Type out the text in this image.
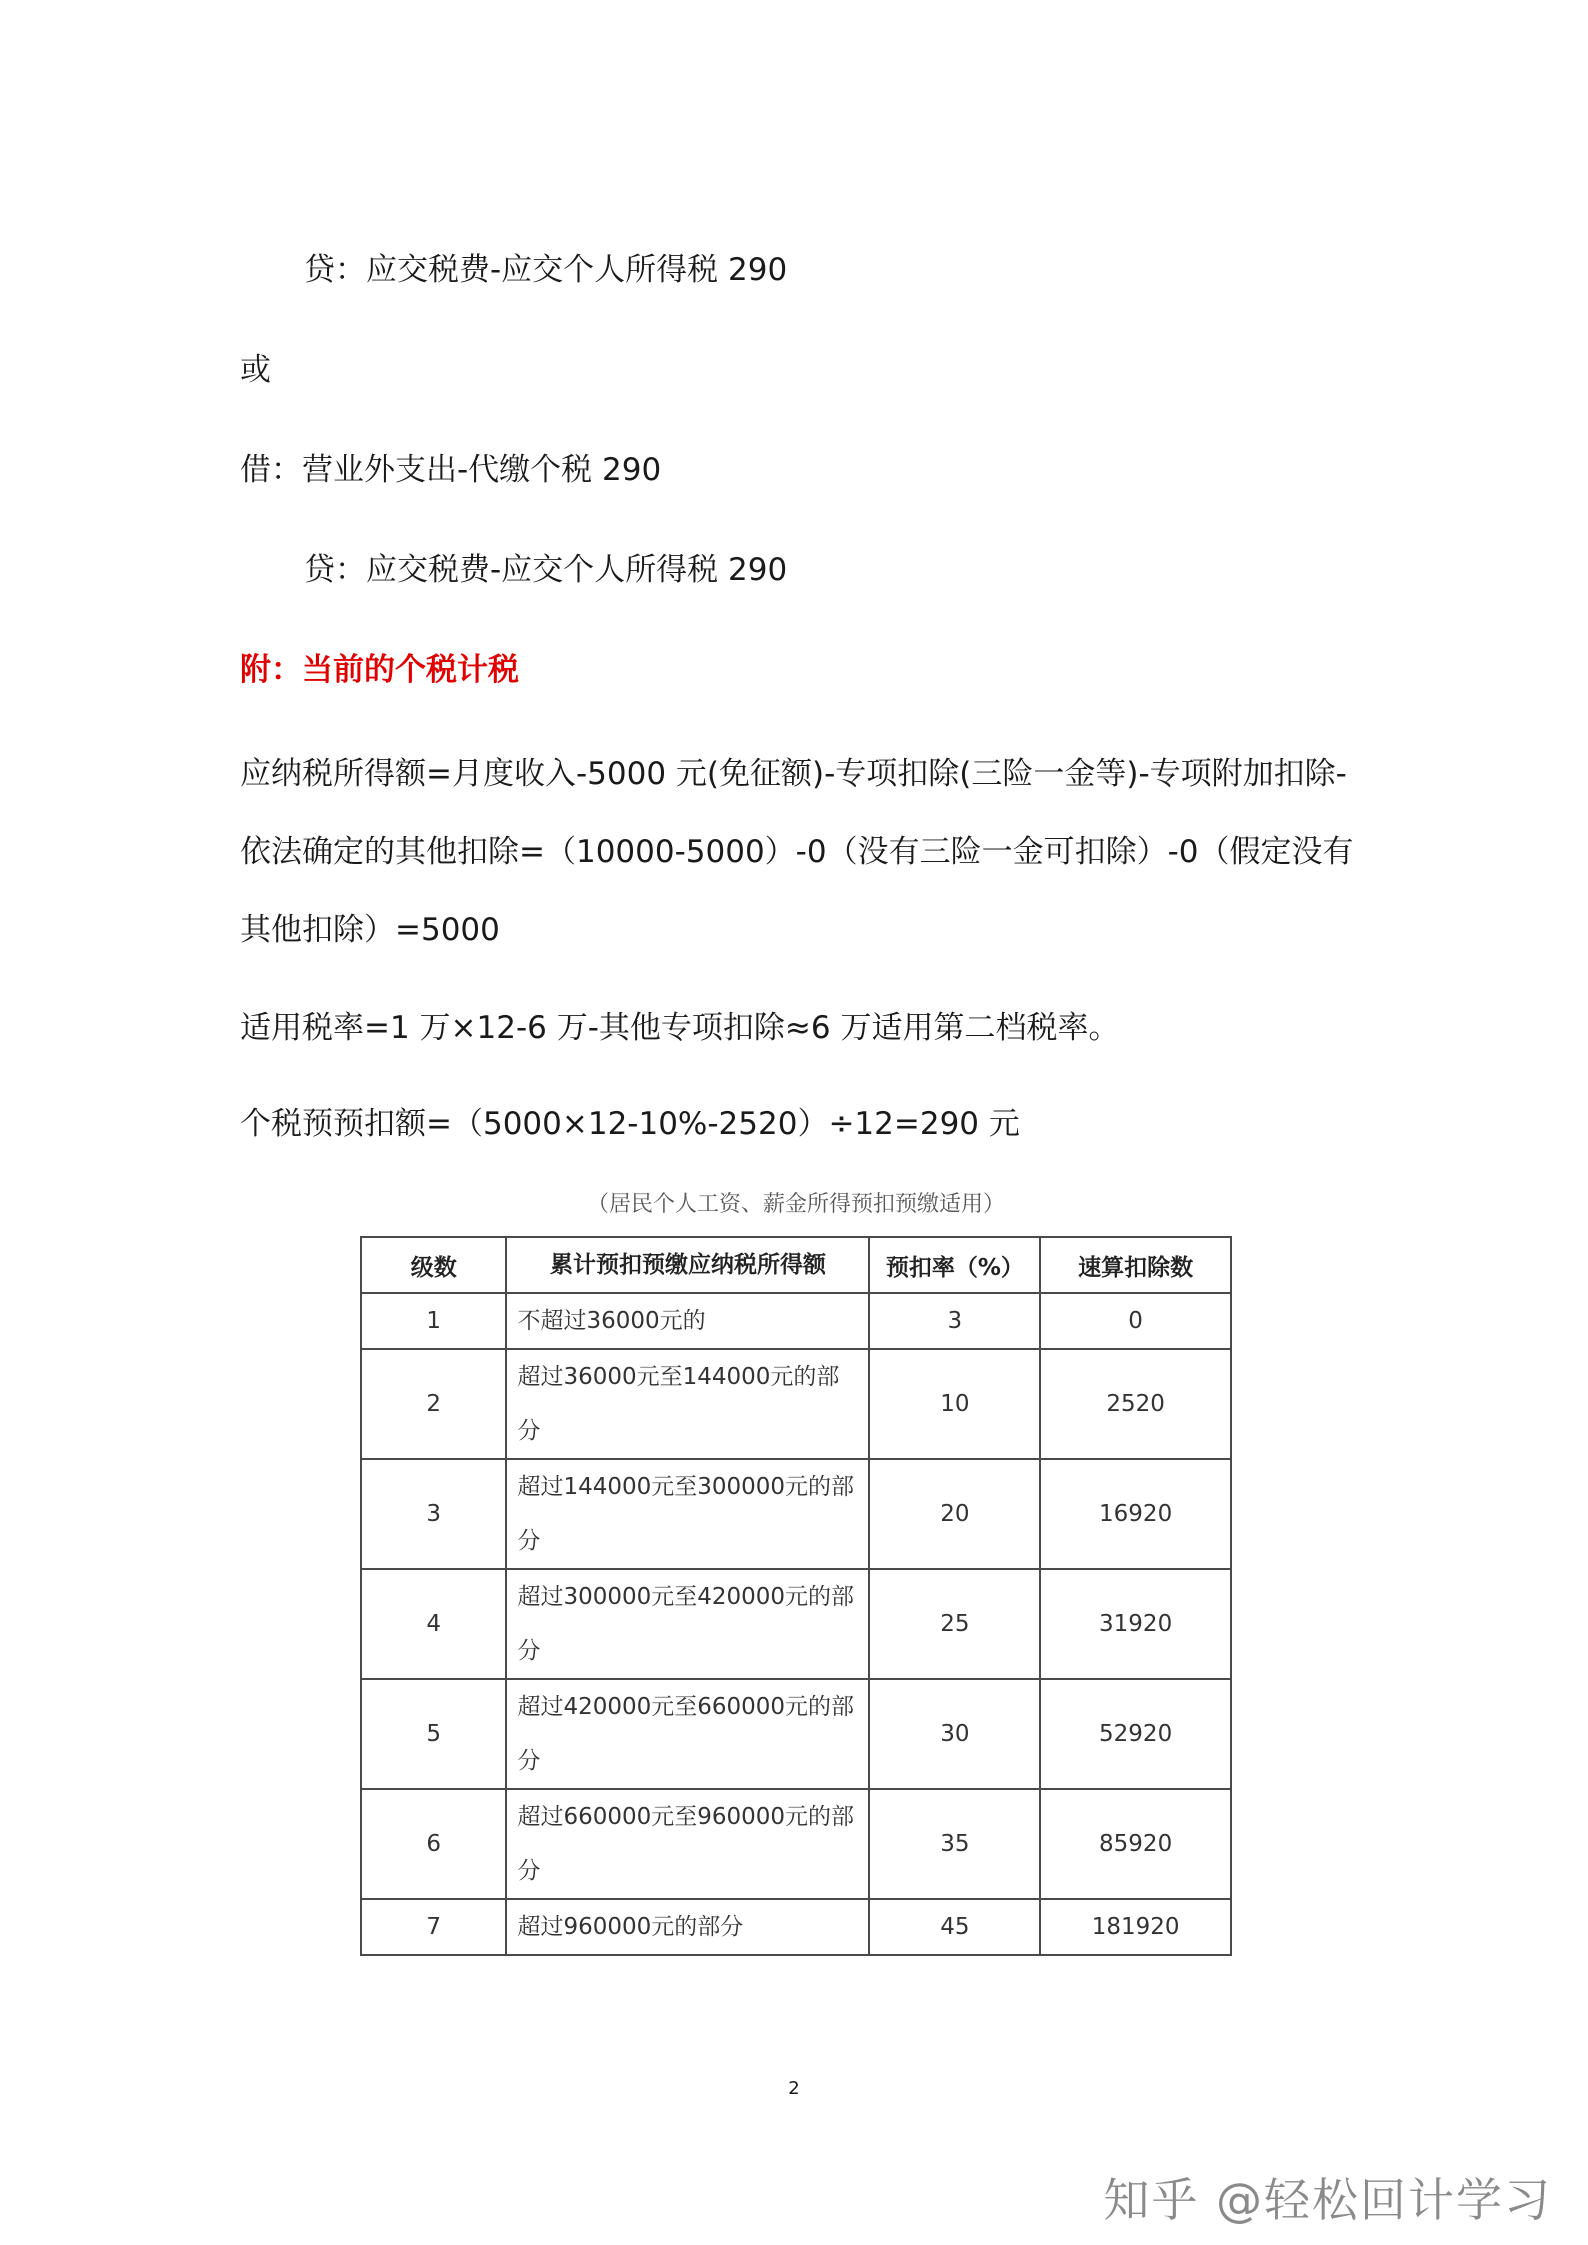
贷：应交税费-应交个人所得税 290
或
借：营业外支出-代缴个税 290
贷：应交税费-应交个人所得税 290
附：当前的个税计税
应纳税所得额=月度收入-5000 元(免征额)-专项扣除(三险一金等)-专项附加扣除-依法确定的其他扣除=（10000-5000）-0（没有三险一金可扣除）-0（假定没有其他扣除）=5000
适用税率=1 万×12-6 万-其他专项扣除≈6 万适用第二档税率。
个税预预扣额=（5000×12-10%-2520）÷12=290 元
（居民个人工资、薪金所得预扣预缴适用）
级数	累计预扣预缴应纳税所得额	预扣率（%）	速算扣除数
1	不超过36000元的	3	0
2	超过36000元至144000元的部分	10	2520
3	超过144000元至300000元的部分	20	16920
4	超过300000元至420000元的部分	25	31920
5	超过420000元至660000元的部分	30	52920
6	超过660000元至960000元的部分	35	85920
7	超过960000元的部分	45	181920
2
知乎 @轻松回计学习
